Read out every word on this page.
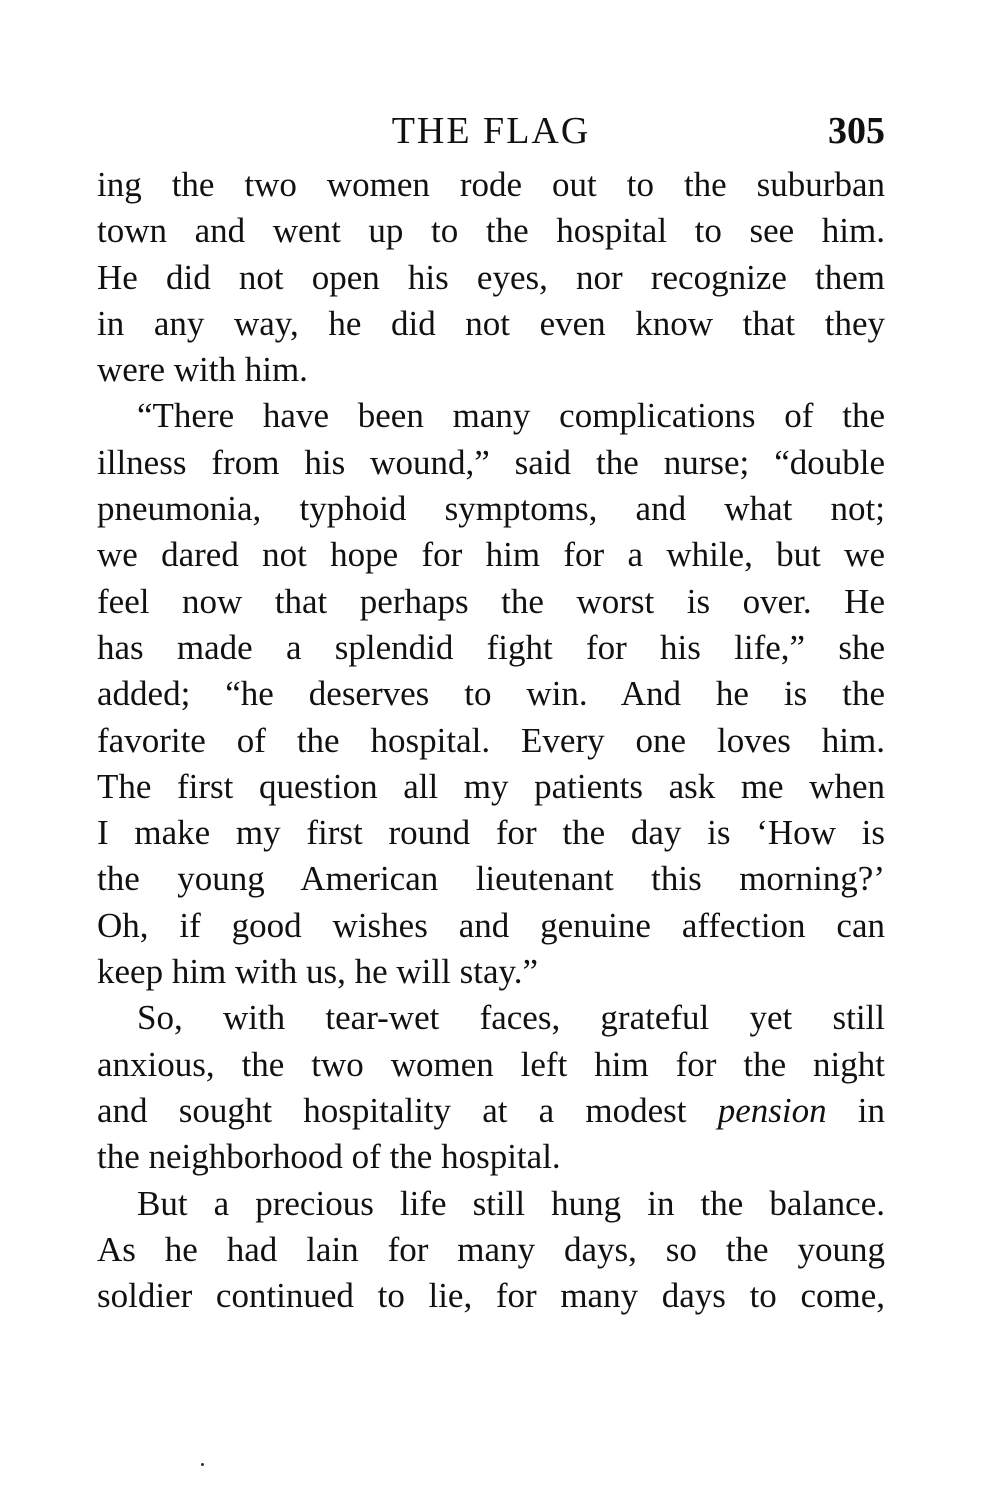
THE FLAG	305
ing the two women rode out to the suburban
town and went up to the hospital to see him.
He did not open his eyes, nor recognize them
in any way, he did not even know that they
were with him.
“There have been many complications of the
illness from his wound,” said the nurse; “double
pneumonia, typhoid symptoms, and what not;
we dared not hope for him for a while, but we
feel now that perhaps the worst is over. He
has made a splendid fight for his life,” she
added; “he deserves to win. And he is the
favorite of the hospital. Every one loves him.
The first question all my patients ask me when
I make my first round for the day is ‘How is
the young American lieutenant this morning?’
Oh, if good wishes and genuine affection can
keep him with us, he will stay.”
So, with tear-wet faces, grateful yet still
anxious, the two women left him for the night
and sought hospitality at a modest pension in
the neighborhood of the hospital.
But a precious life still hung in the balance.
As he had lain for many days, so the young
soldier continued to lie, for many days to come,
